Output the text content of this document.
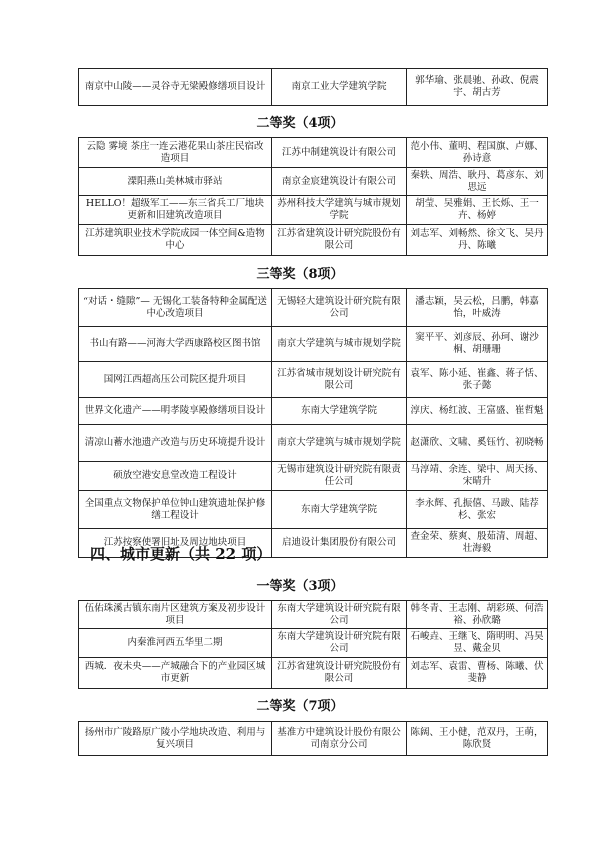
南京中山陵——灵谷寺无梁殿修缮项目设计	南京工业大学建筑学院	郭华瑜、张晨驰、孙政、倪震宇、胡古芳
二等奖（4项）
云隐 雾境 茶庄一连云港花果山茶庄民宿改造项目	江苏中制建筑设计有限公司	范小伟、董明、程国旗、卢娜、孙诗意
溧阳燕山美林城市驿站	南京金宸建筑设计有限公司	秦轶、周浩、耿丹、葛彦东、刘思远
HELLO！超级军工——东三省兵工厂地块更新和旧建筑改造项目	苏州科技大学建筑与城市规划学院	胡莹、吴雅娟、王长烁、王一卉、杨婷
江苏建筑职业技术学院成园一体空间&造物中心	江苏省建筑设计研究院股份有限公司	刘志军、刘畅然、徐文飞、吴丹丹、陈曦
三等奖（8项）
“对话・缝隙”— 无锡化工装备特种金属配送中心改造项目	无锡轻大建筑设计研究院有限公司	潘志颖，吴云松，吕鹏，韩嘉怡，叶威涛
书山有路——河海大学西康路校区图书馆	南京大学建筑与城市规划学院	窦平平、刘彦辰、孙珂、谢沙桐、胡珊珊
国网江西超高压公司院区提升项目	江苏省城市规划设计研究院有限公司	袁军、陈小延、崔鑫、蒋子恬、张子懿
世界文化遗产——明孝陵享殿修缮项目设计	东南大学建筑学院	淳庆、杨红波、王富盛、崔哲魁
清凉山蓄水池遗产改造与历史环境提升设计	南京大学建筑与城市规划学院	赵潇欣、文啸、奚钰竹、初晓畅
硕放空港安息堂改造工程设计	无锡市建筑设计研究院有限责任公司	马淳靖、余连、梁中、周天扬、宋晴升
全国重点文物保护单位钟山建筑遗址保护修缮工程设计	东南大学建筑学院	李永辉、孔振僖、马跋、陆荐杉、张宏
江苏按察使署旧址及周边地块项目	启迪设计集团股份有限公司	查金荣、蔡爽、殷茹清、周超、壮海毅
四、城市更新（共 22 项）
一等奖（3项）
伍佑珠溪古镇东南片区建筑方案及初步设计项目	东南大学建筑设计研究院有限公司	韩冬青、王志刚、胡彩瑛、何浩裕、孙欣璐
内秦淮河西五华里二期	东南大学建筑设计研究院有限公司	石峻垚、王继飞、隋明明、冯昊昱、戴金贝
西城．夜未央——产城融合下的产业园区城市更新	江苏省建筑设计研究院股份有限公司	刘志军、袁雷、曹杨、陈曦、伏斐静
二等奖（7项）
扬州市广陵路原广陵小学地块改造、利用与复兴项目	基准方中建筑设计股份有限公司南京分公司	陈阔、王小健，范双丹，王萌，陈欣贤
